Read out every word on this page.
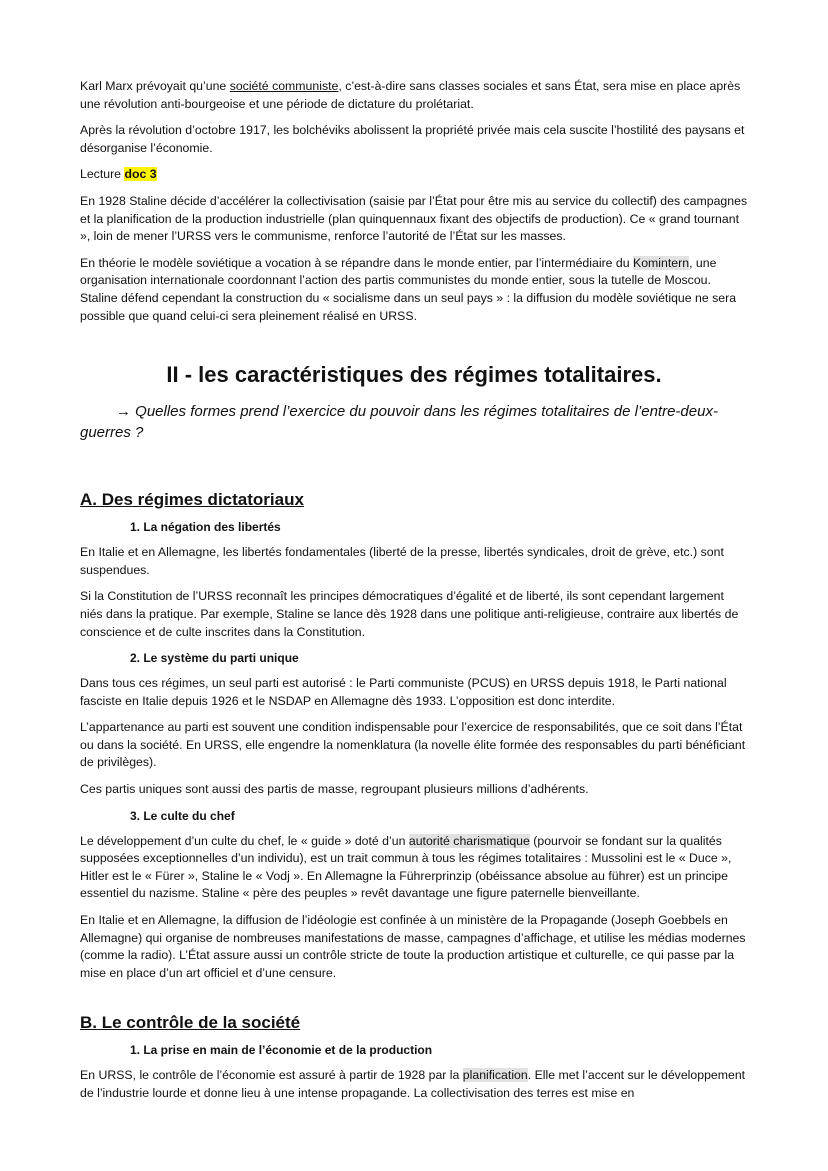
Karl Marx prévoyait qu’une société communiste, c’est-à-dire sans classes sociales et sans État, sera mise en place après une révolution anti-bourgeoise et une période de dictature du prolétariat.

Après la révolution d’octobre 1917, les bolchéviks abolissent la propriété privée mais cela suscite l’hostilité des paysans et désorganise l’économie.

Lecture doc 3

En 1928 Staline décide d’accélérer la collectivisation (saisie par l’État pour être mis au service du collectif) des campagnes et la planification de la production industrielle (plan quinquennaux fixant des objectifs de production). Ce « grand tournant », loin de mener l’URSS vers le communisme, renforce l’autorité de l’État sur les masses.

En théorie le modèle soviétique a vocation à se répandre dans le monde entier, par l’intermédiaire du Komintern, une organisation internationale coordonnant l’action des partis communistes du monde entier, sous la tutelle de Moscou. Staline défend cependant la construction du « socialisme dans un seul pays » : la diffusion du modèle soviétique ne sera possible que quand celui-ci sera pleinement réalisé en URSS.

II - les caractéristiques des régimes totalitaires.
→ Quelles formes prend l’exercice du pouvoir dans les régimes totalitaires de l’entre-deux-guerres ?
A. Des régimes dictatoriaux
1. La négation des libertés

En Italie et en Allemagne, les libertés fondamentales (liberté de la presse, libertés syndicales, droit de grève, etc.) sont suspendues.

Si la Constitution de l’URSS reconnaît les principes démocratiques d’égalité et de liberté, ils sont cependant largement niés dans la pratique. Par exemple, Staline se lance dès 1928 dans une politique anti-religieuse, contraire aux libertés de conscience et de culte inscrites dans la Constitution.

2. Le système du parti unique

Dans tous ces régimes, un seul parti est autorisé : le Parti communiste (PCUS) en URSS depuis 1918, le Parti national fasciste en Italie depuis 1926 et le NSDAP en Allemagne dès 1933. L’opposition est donc interdite.

L’appartenance au parti est souvent une condition indispensable pour l’exercice de responsabilités, que ce soit dans l’État ou dans la société. En URSS, elle engendre la nomenklatura (la novelle élite formée des responsables du parti bénéficiant de privilèges).

Ces partis uniques sont aussi des partis de masse, regroupant plusieurs millions d’adhérents.

3. Le culte du chef

Le développement d’un culte du chef, le « guide » doté d’un autorité charismatique (pourvoir se fondant sur la qualités supposées exceptionnelles d’un individu), est un trait commun à tous les régimes totalitaires : Mussolini est le « Duce », Hitler est le « Fürer », Staline le « Vodj ». En Allemagne la Führerprinzip (obéissance absolue au führer) est un principe essentiel du nazisme. Staline « père des peuples » revêt davantage une figure paternelle bienveillante.

En Italie et en Allemagne, la diffusion de l’idéologie est confinée à un ministère de la Propagande (Joseph Goebbels en Allemagne) qui organise de nombreuses manifestations de masse, campagnes d’affichage, et utilise les médias modernes (comme la radio). L’État assure aussi un contrôle stricte de toute la production artistique et culturelle, ce qui passe par la mise en place d’un art officiel et d’une censure.

B. Le contrôle de la société
1. La prise en main de l’économie et de la production

En URSS, le contrôle de l’économie est assuré à partir de 1928 par la planification. Elle met l’accent sur le développement de l’industrie lourde et donne lieu à une intense propagande. La collectivisation des terres est mise en
